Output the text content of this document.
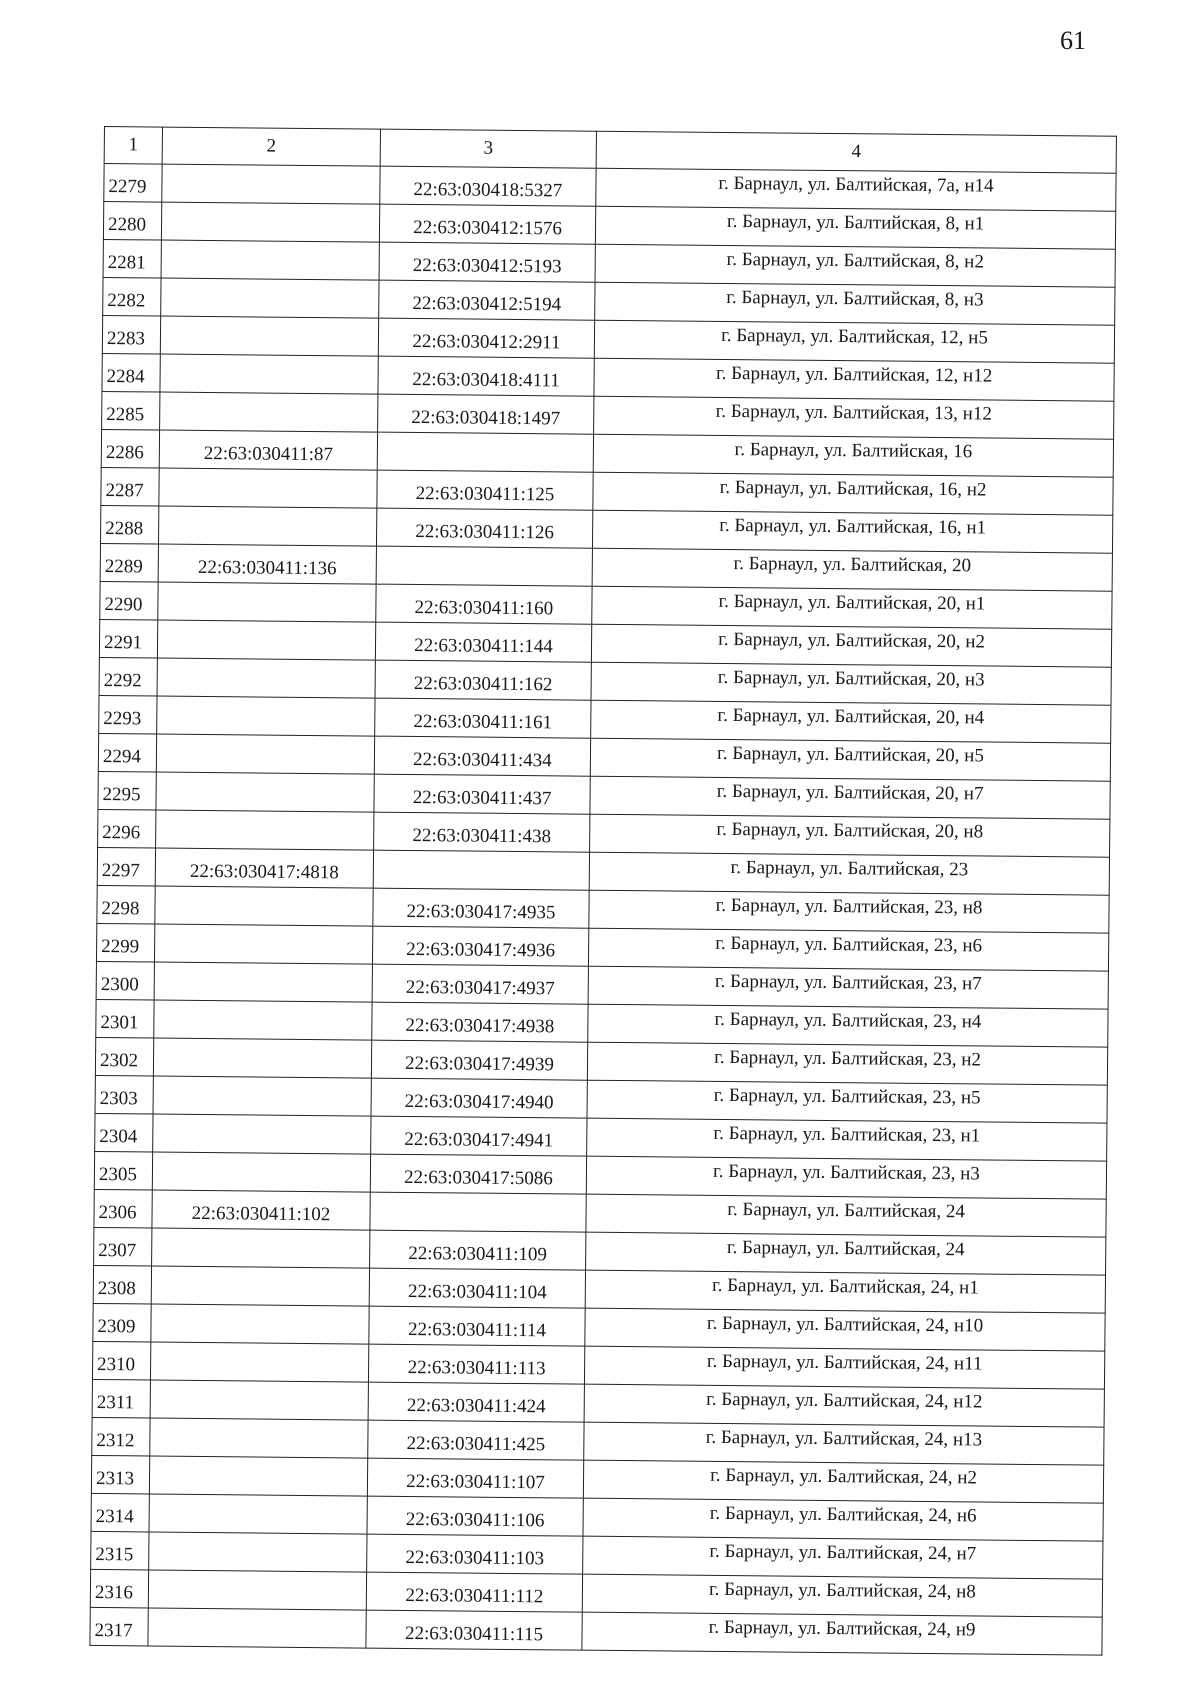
61
1	2	3	4
2279		22:63:030418:5327	г. Барнаул, ул. Балтийская, 7а, н14
2280		22:63:030412:1576	г. Барнаул, ул. Балтийская, 8, н1
2281		22:63:030412:5193	г. Барнаул, ул. Балтийская, 8, н2
2282		22:63:030412:5194	г. Барнаул, ул. Балтийская, 8, н3
2283		22:63:030412:2911	г. Барнаул, ул. Балтийская, 12, н5
2284		22:63:030418:4111	г. Барнаул, ул. Балтийская, 12, н12
2285		22:63:030418:1497	г. Барнаул, ул. Балтийская, 13, н12
2286	22:63:030411:87		г. Барнаул, ул. Балтийская, 16
2287		22:63:030411:125	г. Барнаул, ул. Балтийская, 16, н2
2288		22:63:030411:126	г. Барнаул, ул. Балтийская, 16, н1
2289	22:63:030411:136		г. Барнаул, ул. Балтийская, 20
2290		22:63:030411:160	г. Барнаул, ул. Балтийская, 20, н1
2291		22:63:030411:144	г. Барнаул, ул. Балтийская, 20, н2
2292		22:63:030411:162	г. Барнаул, ул. Балтийская, 20, н3
2293		22:63:030411:161	г. Барнаул, ул. Балтийская, 20, н4
2294		22:63:030411:434	г. Барнаул, ул. Балтийская, 20, н5
2295		22:63:030411:437	г. Барнаул, ул. Балтийская, 20, н7
2296		22:63:030411:438	г. Барнаул, ул. Балтийская, 20, н8
2297	22:63:030417:4818		г. Барнаул, ул. Балтийская, 23
2298		22:63:030417:4935	г. Барнаул, ул. Балтийская, 23, н8
2299		22:63:030417:4936	г. Барнаул, ул. Балтийская, 23, н6
2300		22:63:030417:4937	г. Барнаул, ул. Балтийская, 23, н7
2301		22:63:030417:4938	г. Барнаул, ул. Балтийская, 23, н4
2302		22:63:030417:4939	г. Барнаул, ул. Балтийская, 23, н2
2303		22:63:030417:4940	г. Барнаул, ул. Балтийская, 23, н5
2304		22:63:030417:4941	г. Барнаул, ул. Балтийская, 23, н1
2305		22:63:030417:5086	г. Барнаул, ул. Балтийская, 23, н3
2306	22:63:030411:102		г. Барнаул, ул. Балтийская, 24
2307		22:63:030411:109	г. Барнаул, ул. Балтийская, 24
2308		22:63:030411:104	г. Барнаул, ул. Балтийская, 24, н1
2309		22:63:030411:114	г. Барнаул, ул. Балтийская, 24, н10
2310		22:63:030411:113	г. Барнаул, ул. Балтийская, 24, н11
2311		22:63:030411:424	г. Барнаул, ул. Балтийская, 24, н12
2312		22:63:030411:425	г. Барнаул, ул. Балтийская, 24, н13
2313		22:63:030411:107	г. Барнаул, ул. Балтийская, 24, н2
2314		22:63:030411:106	г. Барнаул, ул. Балтийская, 24, н6
2315		22:63:030411:103	г. Барнаул, ул. Балтийская, 24, н7
2316		22:63:030411:112	г. Барнаул, ул. Балтийская, 24, н8
2317		22:63:030411:115	г. Барнаул, ул. Балтийская, 24, н9
